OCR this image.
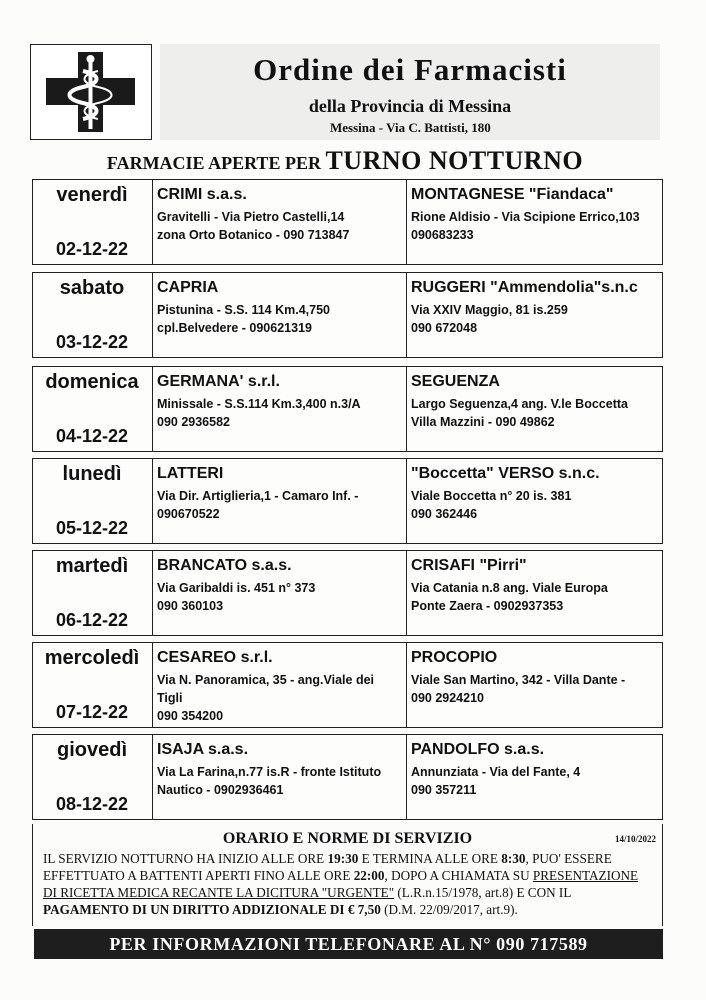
Ordine dei Farmacisti
della Provincia di Messina
Messina - Via C. Battisti, 180
FARMACIE APERTE PER TURNO NOTTURNO
venerdì
02-12-22
CRIMI s.a.s.
Gravitelli - Via Pietro Castelli,14
zona Orto Botanico - 090 713847
MONTAGNESE "Fiandaca"
Rione Aldisio - Via Scipione Errico,103
090683233
sabato
03-12-22
CAPRIA
Pistunina - S.S. 114 Km.4,750
cpl.Belvedere - 090621319
RUGGERI "Ammendolia"s.n.c
Via XXIV Maggio, 81 is.259
090 672048
domenica
04-12-22
GERMANA' s.r.l.
Minissale - S.S.114 Km.3,400 n.3/A
090 2936582
SEGUENZA
Largo Seguenza,4 ang. V.le Boccetta
Villa Mazzini - 090 49862
lunedì
05-12-22
LATTERI
Via Dir. Artiglieria,1 - Camaro Inf. -
090670522
"Boccetta" VERSO s.n.c.
Viale Boccetta n° 20 is. 381
090 362446
martedì
06-12-22
BRANCATO s.a.s.
Via Garibaldi is. 451 n° 373
090 360103
CRISAFI "Pirri"
Via Catania n.8 ang. Viale Europa
Ponte Zaera - 0902937353
mercoledì
07-12-22
CESAREO s.r.l.
Via N. Panoramica, 35 - ang.Viale dei
Tigli
090 354200
PROCOPIO
Viale San Martino, 342 - Villa Dante -
090 2924210
giovedì
08-12-22
ISAJA s.a.s.
Via La Farina,n.77 is.R - fronte Istituto
Nautico - 0902936461
PANDOLFO s.a.s.
Annunziata - Via del Fante, 4
090 357211
ORARIO E NORME DI SERVIZIO	14/10/2022
IL SERVIZIO NOTTURNO HA INIZIO ALLE ORE 19:30 E TERMINA ALLE ORE 8:30, PUO' ESSERE EFFETTUATO A BATTENTI APERTI FINO ALLE ORE 22:00, DOPO A CHIAMATA SU PRESENTAZIONE DI RICETTA MEDICA RECANTE LA DICITURA "URGENTE" (L.R.n.15/1978, art.8) E CON IL PAGAMENTO DI UN DIRITTO ADDIZIONALE DI € 7,50 (D.M. 22/09/2017, art.9).
PER INFORMAZIONI TELEFONARE AL N° 090 717589
